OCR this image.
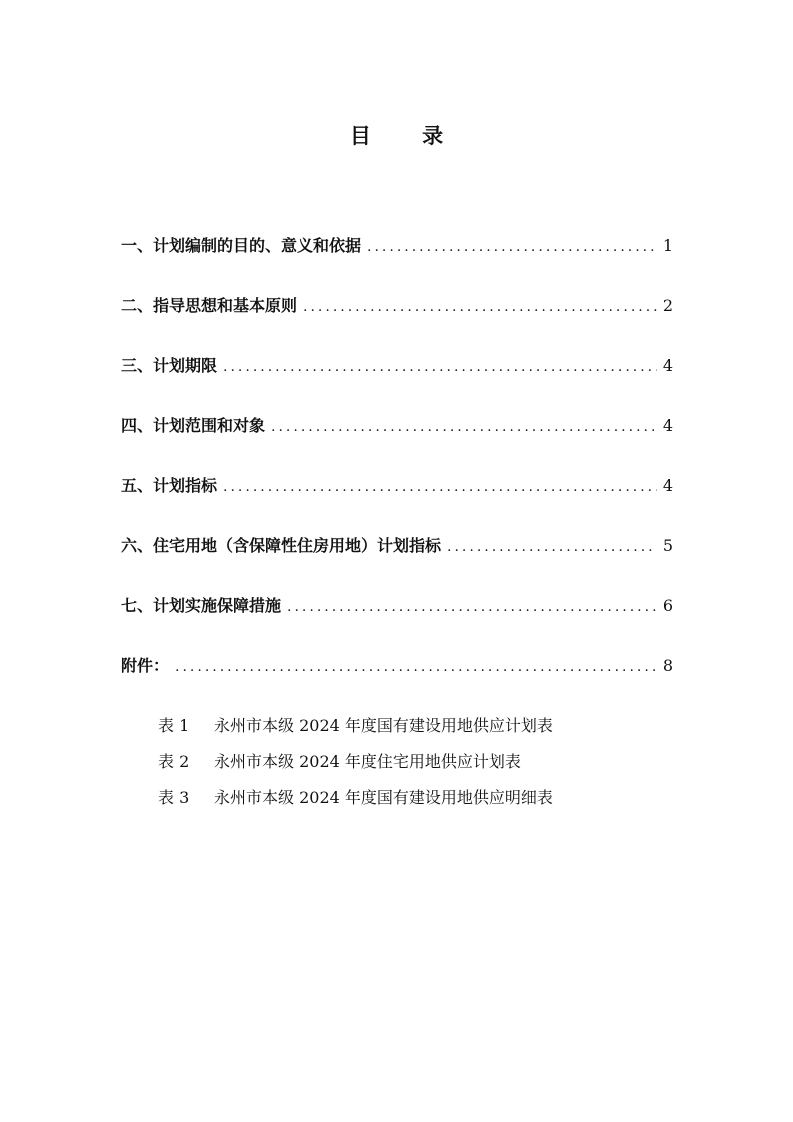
目 录
一、计划编制的目的、意义和依据 .....	1
二、指导思想和基本原则 .....	2
三、计划期限 .....	4
四、计划范围和对象 .....	4
五、计划指标 .....	4
六、住宅用地（含保障性住房用地）计划指标 .....	5
七、计划实施保障措施 .....	6
附件： .....	8
表 1 永州市本级 2024 年度国有建设用地供应计划表
表 2 永州市本级 2024 年度住宅用地供应计划表
表 3 永州市本级 2024 年度国有建设用地供应明细表
